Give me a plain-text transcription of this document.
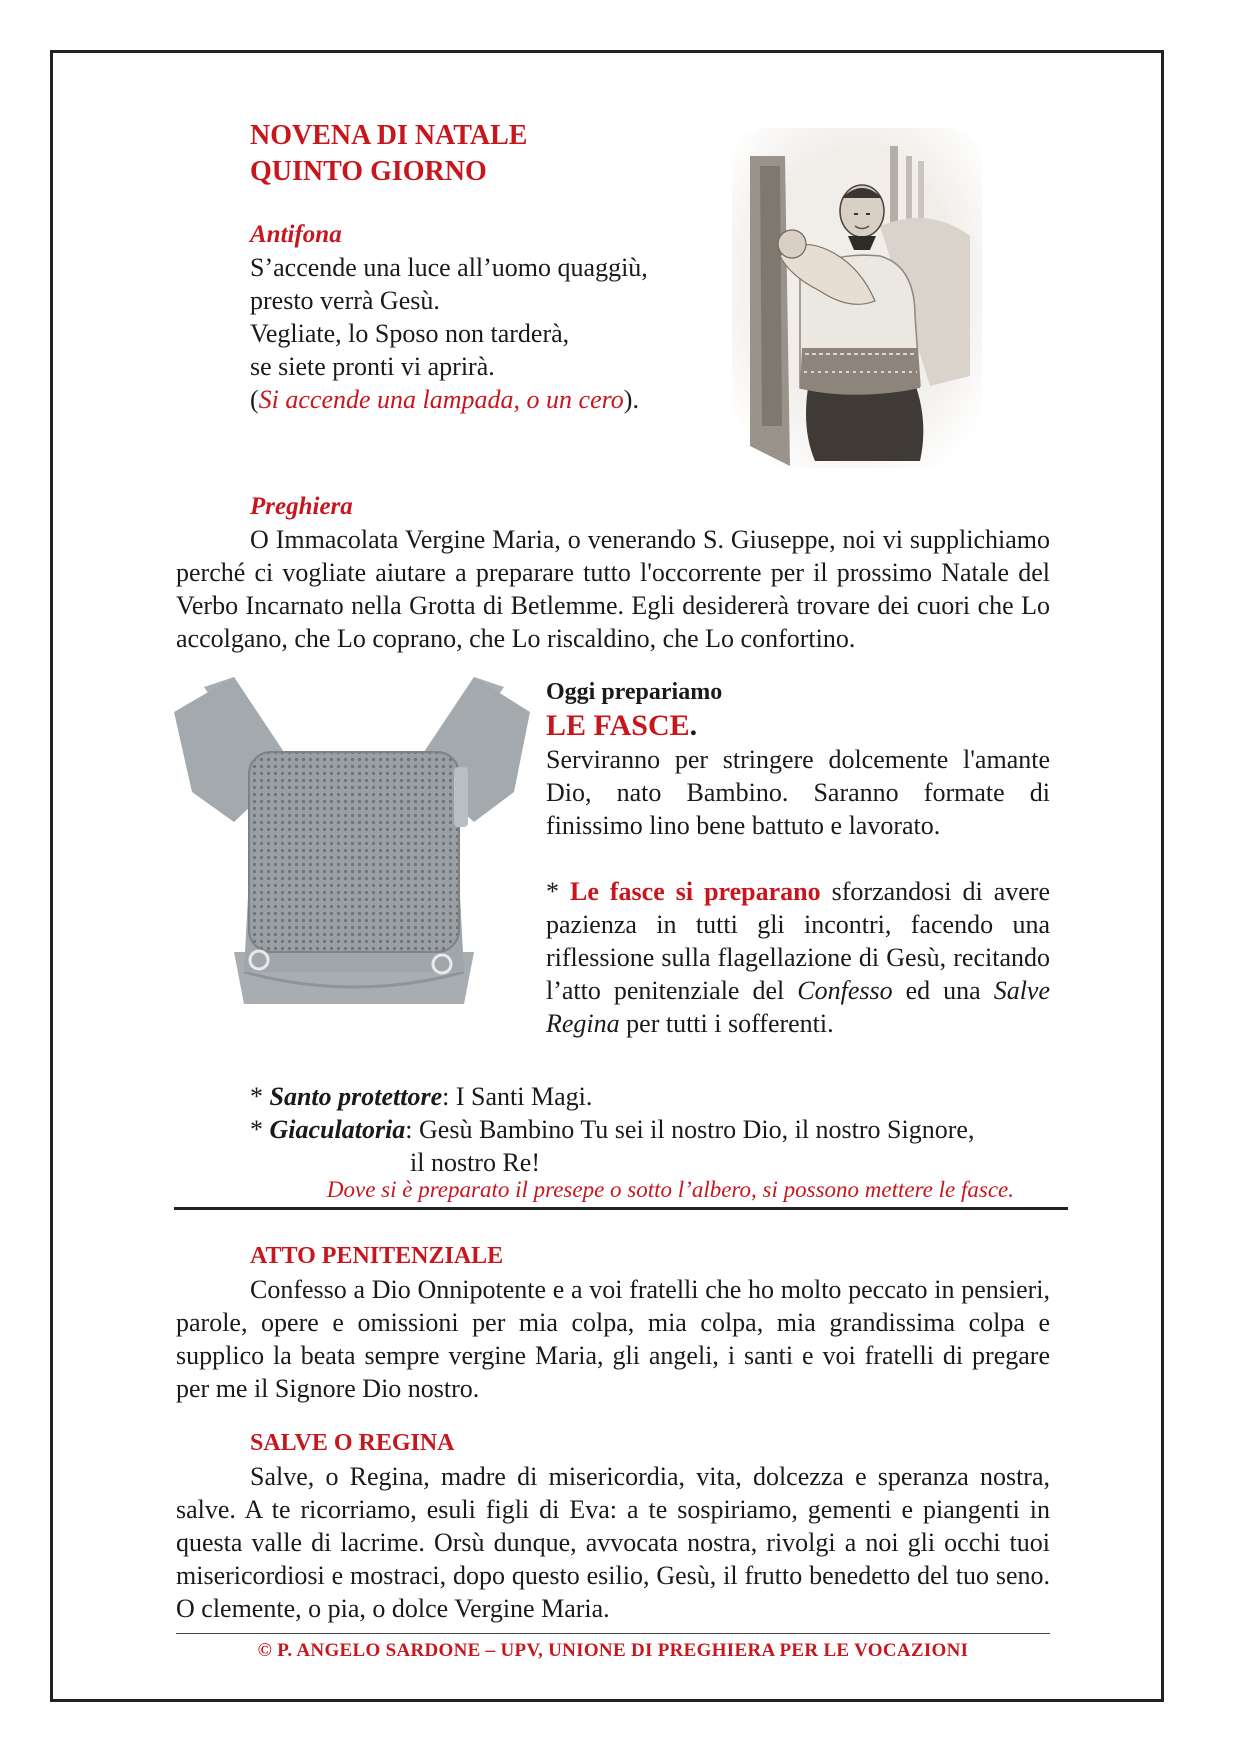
NOVENA DI NATALE
QUINTO GIORNO
Antifona
S’accende una luce all’uomo quaggiù,
presto verrà Gesù.
Vegliate, lo Sposo non tarderà,
se siete pronti vi aprirà.
(Si accende una lampada, o un cero).
Preghiera

O Immacolata Vergine Maria, o venerando S. Giuseppe, noi vi supplichiamo perché ci vogliate aiutare a preparare tutto l'occorrente per il prossimo Natale del Verbo Incarnato nella Grotta di Betlemme. Egli desidererà trovare dei cuori che Lo accolgano, che Lo coprano, che Lo riscaldino, che Lo confortino.

Oggi prepariamo
LE FASCE.

Serviranno per stringere dolcemente l'amante Dio, nato Bambino. Saranno formate di finissimo lino bene battuto e lavorato.

* Le fasce si preparano sforzandosi di avere pazienza in tutti gli incontri, facendo una riflessione sulla flagellazione di Gesù, recitando l’atto penitenziale del Confesso ed una Salve Regina per tutti i sofferenti.

* Santo protettore: I Santi Magi.
* Giaculatoria: Gesù Bambino Tu sei il nostro Dio, il nostro Signore,
il nostro Re!
Dove si è preparato il presepe o sotto l’albero, si possono mettere le fasce.
ATTO PENITENZIALE

Confesso a Dio Onnipotente e a voi fratelli che ho molto peccato in pensieri, parole, opere e omissioni per mia colpa, mia colpa, mia grandissima colpa e supplico la beata sempre vergine Maria, gli angeli, i santi e voi fratelli di pregare per me il Signore Dio nostro.

SALVE O REGINA

Salve, o Regina, madre di misericordia, vita, dolcezza e speranza nostra, salve. A te ricorriamo, esuli figli di Eva: a te sospiriamo, gementi e piangenti in questa valle di lacrime. Orsù dunque, avvocata nostra, rivolgi a noi gli occhi tuoi misericordiosi e mostraci, dopo questo esilio, Gesù, il frutto benedetto del tuo seno. O clemente, o pia, o dolce Vergine Maria.

© P. ANGELO SARDONE – UPV, UNIONE DI PREGHIERA PER LE VOCAZIONI
